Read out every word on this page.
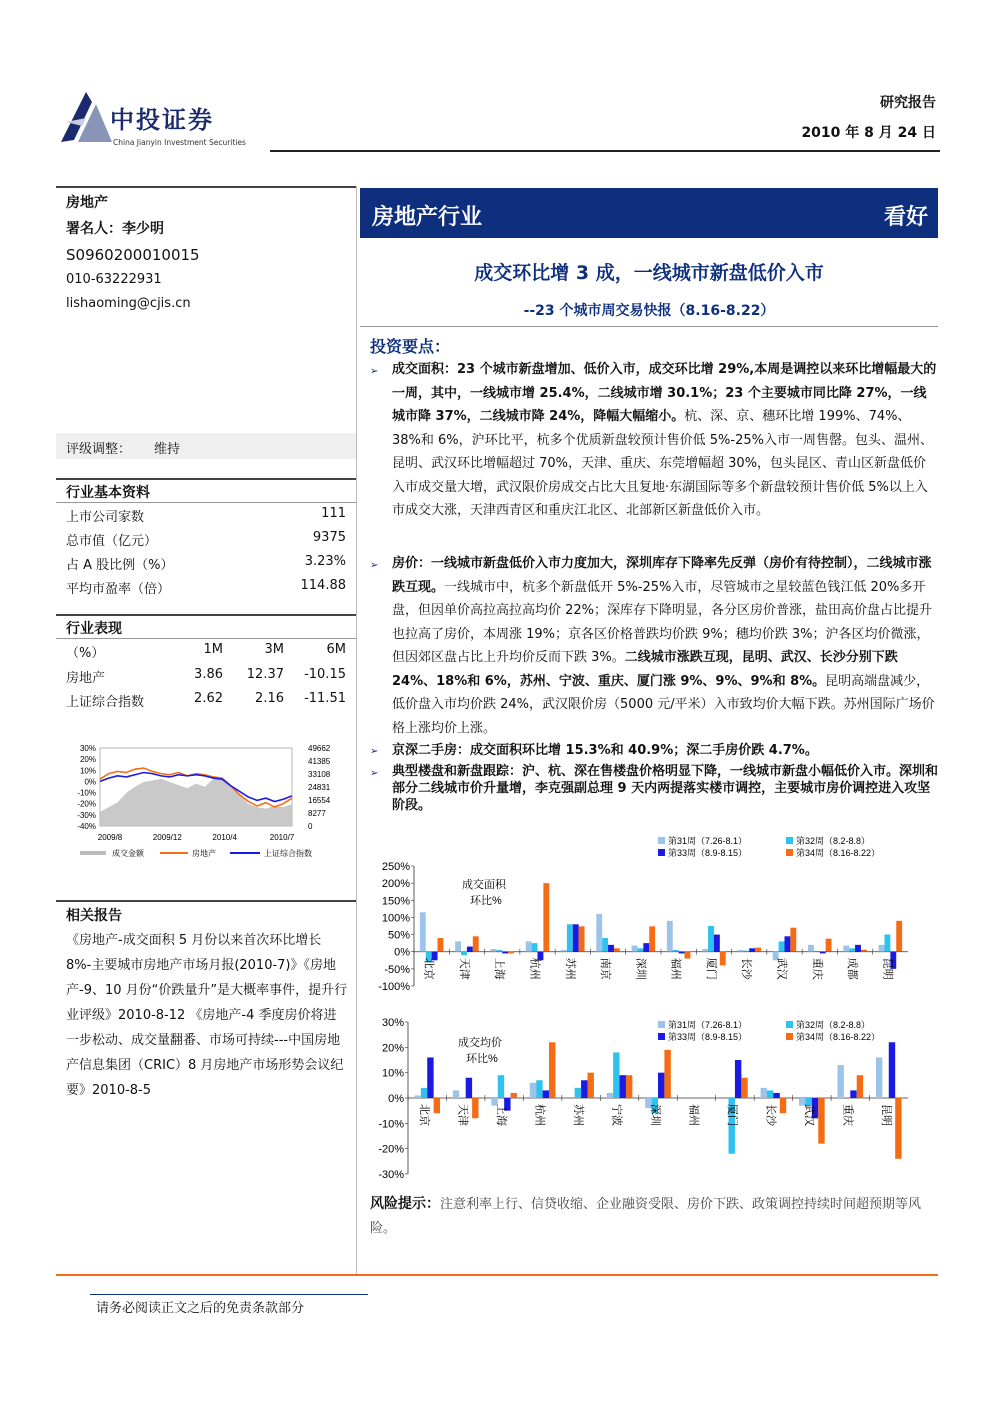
中投证券
China Jianyin Investment Securities
研究报告
2010 年 8 月 24 日
房地产
署名人：李少明
S0960200010015
010-63222931
lishaoming@cjis.cn
评级调整： 维持
行业基本资料
上市公司家数	111
总市值（亿元）	9375
占 A 股比例（%）	3.23%
平均市盈率（倍）	114.88
行业表现
（%）	1M	3M	6M
房地产	3.86 12.37 -10.15
上证综合指数	2.62 2.16 -11.51
30%
20%
10%
0%
-10%
-20%
-30%
-40%
49662
41385
33108
24831
16554
8277
0
2009/8	2009/12	2010/4	2010/7
成交金额	房地产	上证综合指数
相关报告
《房地产-成交面积 5 月份以来首次环比增长 8%-主要城市房地产市场月报(2010-7)》《房地产-9、10 月份“价跌量升”是大概率事件，提升行业评级》2010-8-12 《房地产-4 季度房价将进一步松动、成交量翻番、市场可持续---中国房地产信息集团（CRIC）8 月房地产市场形势会议纪要》2010-8-5
房地产行业	看好
成交环比增 3 成，一线城市新盘低价入市
--23 个城市周交易快报（8.16-8.22）
投资要点：
➢ 成交面积：23 个城市新盘增加、低价入市，成交环比增 29%,本周是调控以来环比增幅最大的一周，其中，一线城市增 25.4%，二线城市增 30.1%；23 个主要城市同比降 27%，一线城市降 37%，二线城市降 24%，降幅大幅缩小。杭、深、京、穗环比增 199%、74%、38%和 6%，沪环比平，杭多个优质新盘较预计售价低 5%-25%入市一周售罄。包头、温州、昆明、武汉环比增幅超过 70%，天津、重庆、东莞增幅超 30%，包头昆区、青山区新盘低价入市成交量大增，武汉限价房成交占比大且复地·东湖国际等多个新盘较预计售价低 5%以上入市成交大涨，天津西青区和重庆江北区、北部新区新盘低价入市。
➢ 房价：一线城市新盘低价入市力度加大，深圳库存下降率先反弹（房价有待控制），二线城市涨跌互现。一线城市中，杭多个新盘低开 5%-25%入市，尽管城市之星较蓝色钱江低 20%多开盘，但因单价高拉高拉高均价 22%；深库存下降明显，各分区房价普涨，盐田高价盘占比提升也拉高了房价，本周涨 19%；京各区价格普跌均价跌 9%；穗均价跌 3%；沪各区均价微涨，但因郊区盘占比上升均价反而下跌 3%。二线城市涨跌互现，昆明、武汉、长沙分别下跌 24%、18%和 6%，苏州、宁波、重庆、厦门涨 9%、9%、9%和 8%。昆明高端盘减少，低价盘入市均价跌 24%，武汉限价房（5000 元/平米）入市致均价大幅下跌。苏州国际广场价格上涨均价上涨。
➢ 京深二手房：成交面积环比增 15.3%和 40.9%；深二手房价跌 4.7%。
➢ 典型楼盘和新盘跟踪：沪、杭、深在售楼盘价格明显下降，一线城市新盘小幅低价入市。深圳和部分二线城市价升量增，李克强副总理 9 天内两提落实楼市调控，主要城市房价调控进入攻坚阶段。
250%
200%
150%
100%
50%
0%
-50%
-100%
北京 天津 上海 杭州 苏州 南京 深圳 福州 厦门 长沙 武汉 重庆 成都 昆明
第31周（7.26-8.1）	第32周（8.2-8.8）
第33周（8.9-8.15）	第34周（8.16-8.22）
成交面积
环比%
30%
20%
10%
0%
-10%
-20%
-30%
北京 天津 上海 杭州 苏州 宁波 深圳 福州 厦门 长沙 武汉 重庆 昆明
第31周（7.26-8.1）	第32周（8.2-8.8）
第33周（8.9-8.15）	第34周（8.16-8.22）
成交均价
环比%
风险提示：注意利率上行、信贷收缩、企业融资受限、房价下跌、政策调控持续时间超预期等风险。
请务必阅读正文之后的免责条款部分
